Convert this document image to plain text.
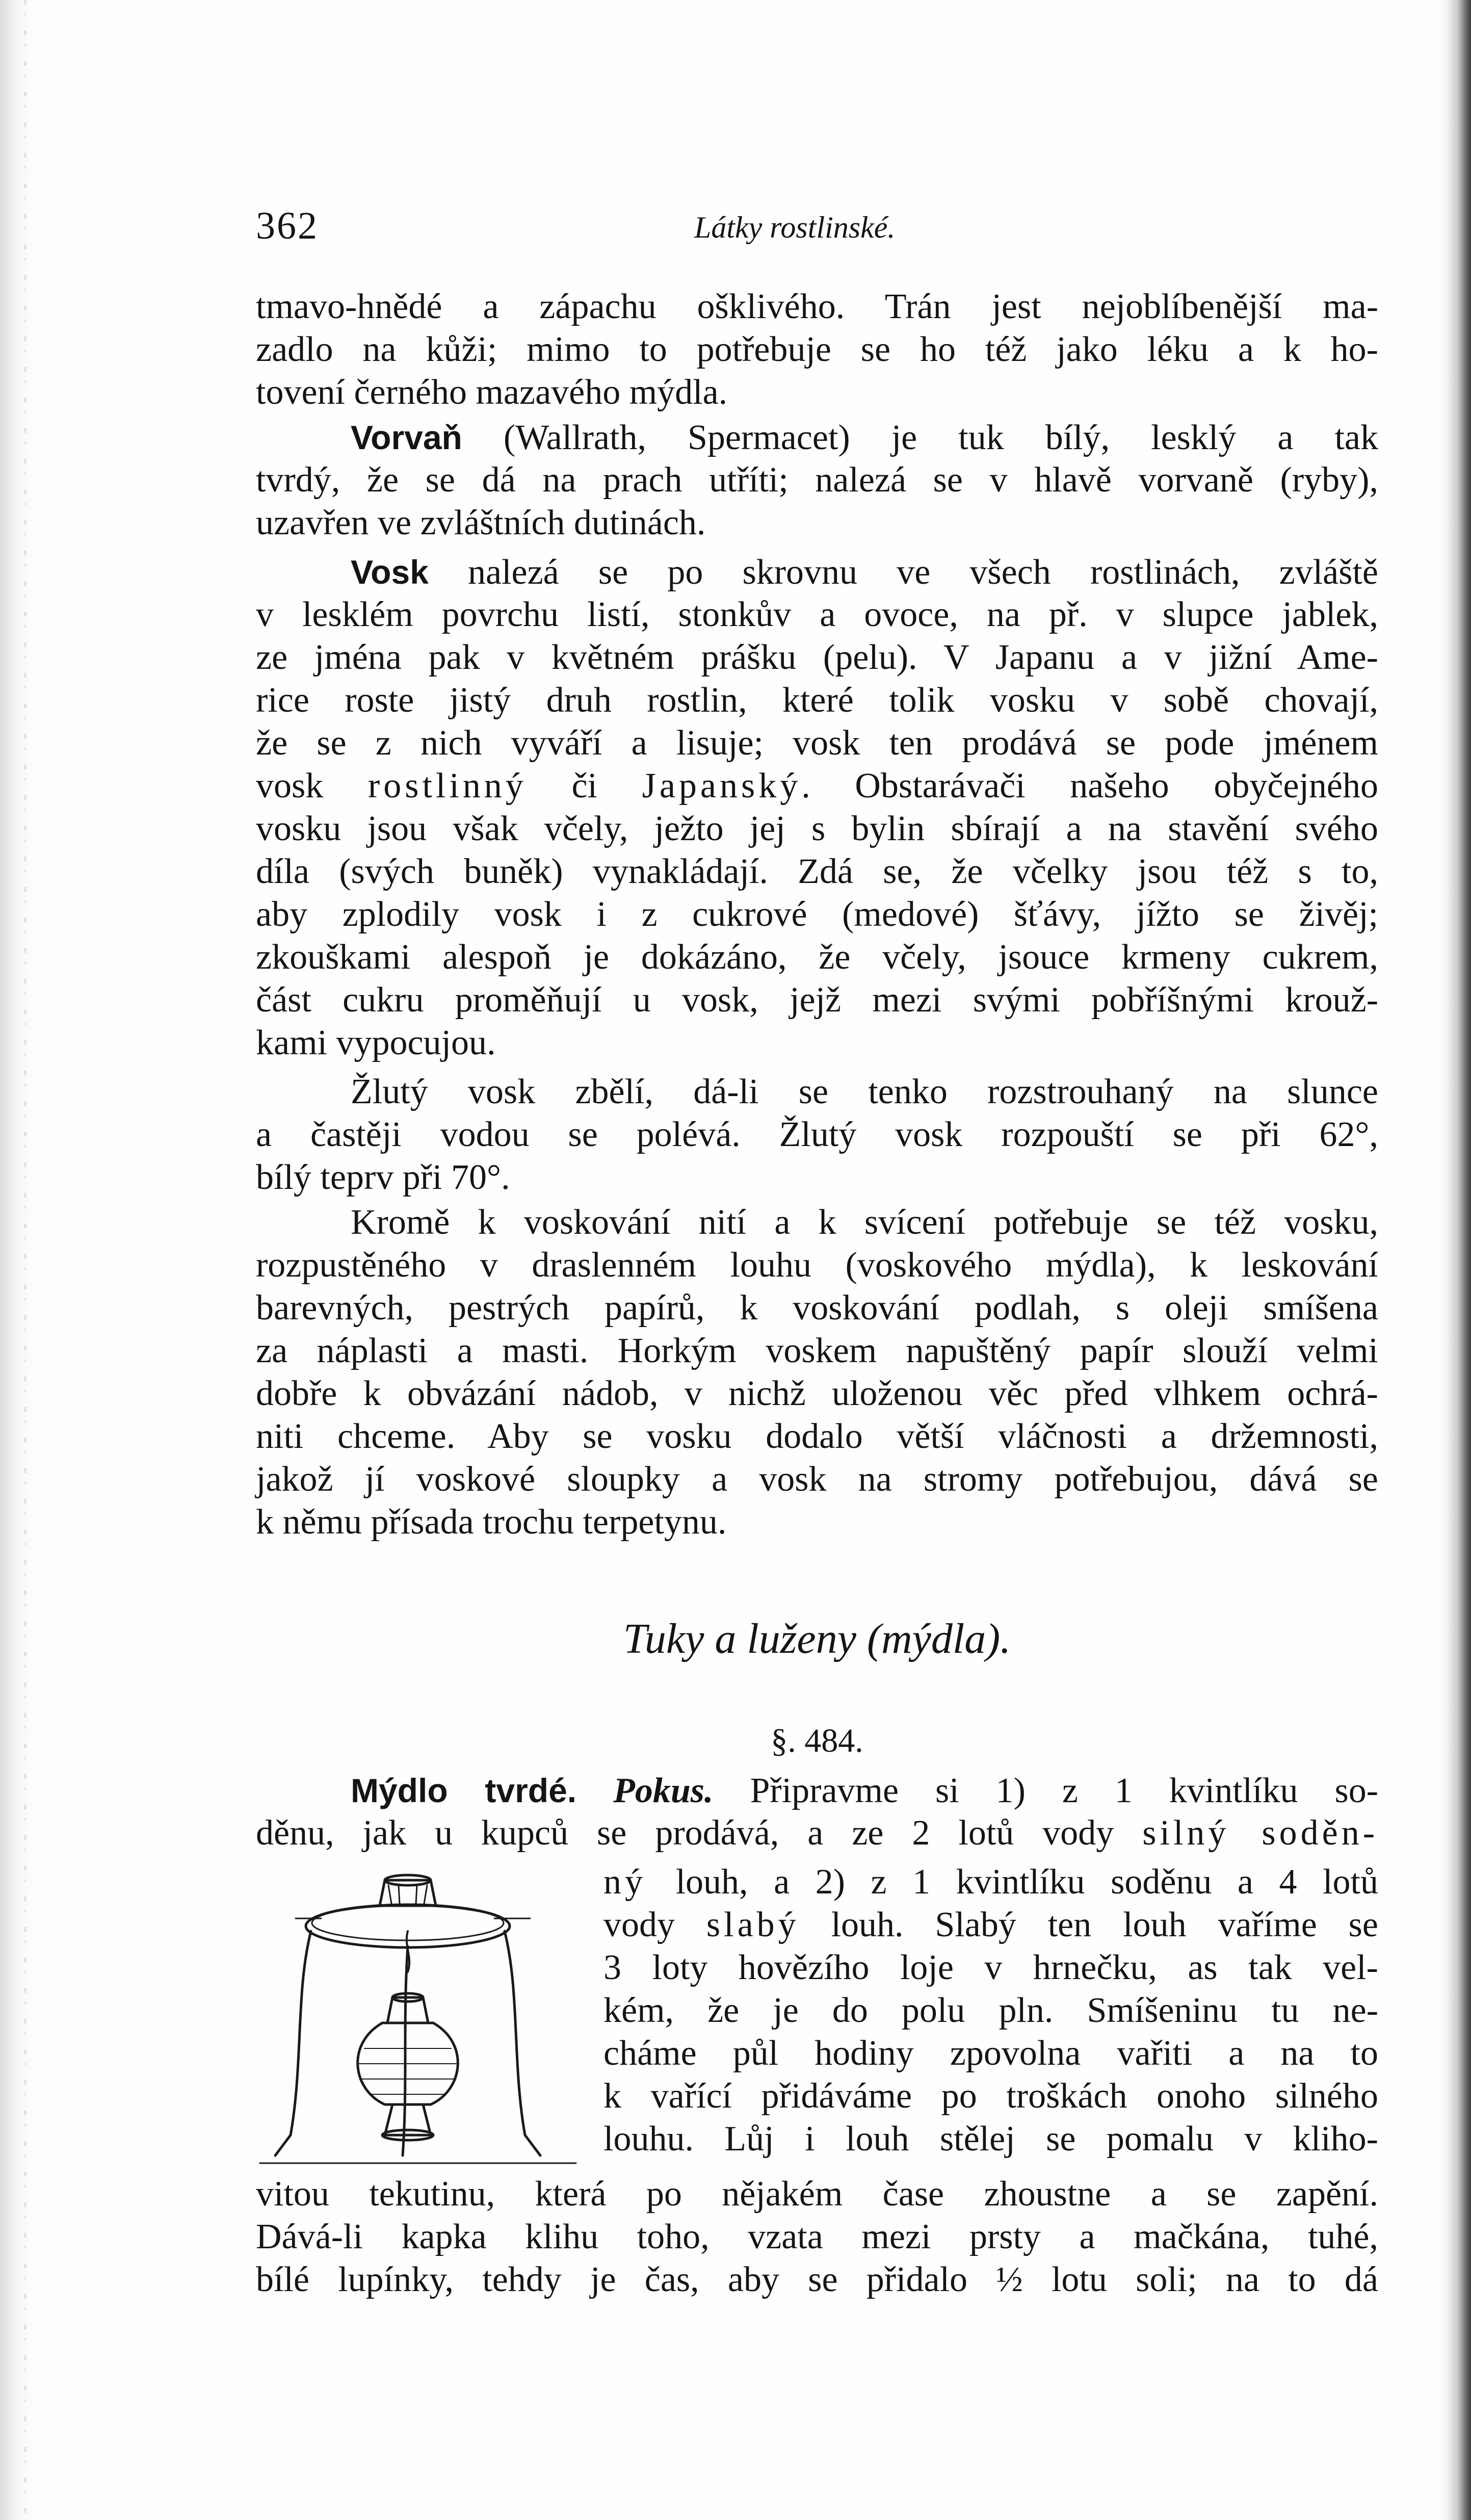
362	Látky rostlinské.
tmavo-hnědé a zápachu ošklivého. Trán jest nejoblíbenější ma-
zadlo na kůži; mimo to potřebuje se ho též jako léku a k ho-
tovení černého mazavého mýdla.
Vorvaň (Wallrath, Spermacet) je tuk bílý, lesklý a tak
tvrdý, že se dá na prach utříti; nalezá se v hlavě vorvaně (ryby),
uzavřen ve zvláštních dutinách.
Vosk nalezá se po skrovnu ve všech rostlinách, zvláště
v lesklém povrchu listí, stonkův a ovoce, na př. v slupce jablek,
ze jména pak v květném prášku (pelu). V Japanu a v jižní Ame-
rice roste jistý druh rostlin, které tolik vosku v sobě chovají,
že se z nich vyváří a lisuje; vosk ten prodává se pode jménem
vosk rostlinný či Japanský. Obstarávači našeho obyčejného
vosku jsou však včely, ježto jej s bylin sbírají a na stavění svého
díla (svých buněk) vynakládají. Zdá se, že včelky jsou též s to,
aby zplodily vosk i z cukrové (medové) šťávy, jížto se živěj;
zkouškami alespoň je dokázáno, že včely, jsouce krmeny cukrem,
část cukru proměňují u vosk, jejž mezi svými pobříšnými krouž-
kami vypocujou.
Žlutý vosk zbělí, dá-li se tenko rozstrouhaný na slunce
a častěji vodou se polévá. Žlutý vosk rozpouští se při 62°,
bílý teprv při 70°.
Kromě k voskování nití a k svícení potřebuje se též vosku,
rozpustěného v draslenném louhu (voskového mýdla), k leskování
barevných, pestrých papírů, k voskování podlah, s oleji smíšena
za náplasti a masti. Horkým voskem napuštěný papír slouží velmi
dobře k obvázání nádob, v nichž uloženou věc před vlhkem ochrá-
niti chceme. Aby se vosku dodalo větší vláčnosti a držemnosti,
jakož jí voskové sloupky a vosk na stromy potřebujou, dává se
k němu přísada trochu terpetynu.
Tuky a luženy (mýdla).
§. 484.
Mýdlo tvrdé. Pokus. Připravme si 1) z 1 kvintlíku so-
děnu, jak u kupců se prodává, a ze 2 lotů vody silný soděn-
ný louh, a 2) z 1 kvintlíku soděnu a 4 lotů
vody slabý louh. Slabý ten louh vaříme se
3 loty hovězího loje v hrnečku, as tak vel-
kém, že je do polu pln. Smíšeninu tu ne-
cháme půl hodiny zpovolna vařiti a na to
k vařící přidáváme po troškách onoho silného
louhu. Lůj i louh stělej se pomalu v kliho-
vitou tekutinu, která po nějakém čase zhoustne a se zapění.
Dává-li kapka klihu toho, vzata mezi prsty a mačkána, tuhé,
bílé lupínky, tehdy je čas, aby se přidalo ½ lotu soli; na to dá
